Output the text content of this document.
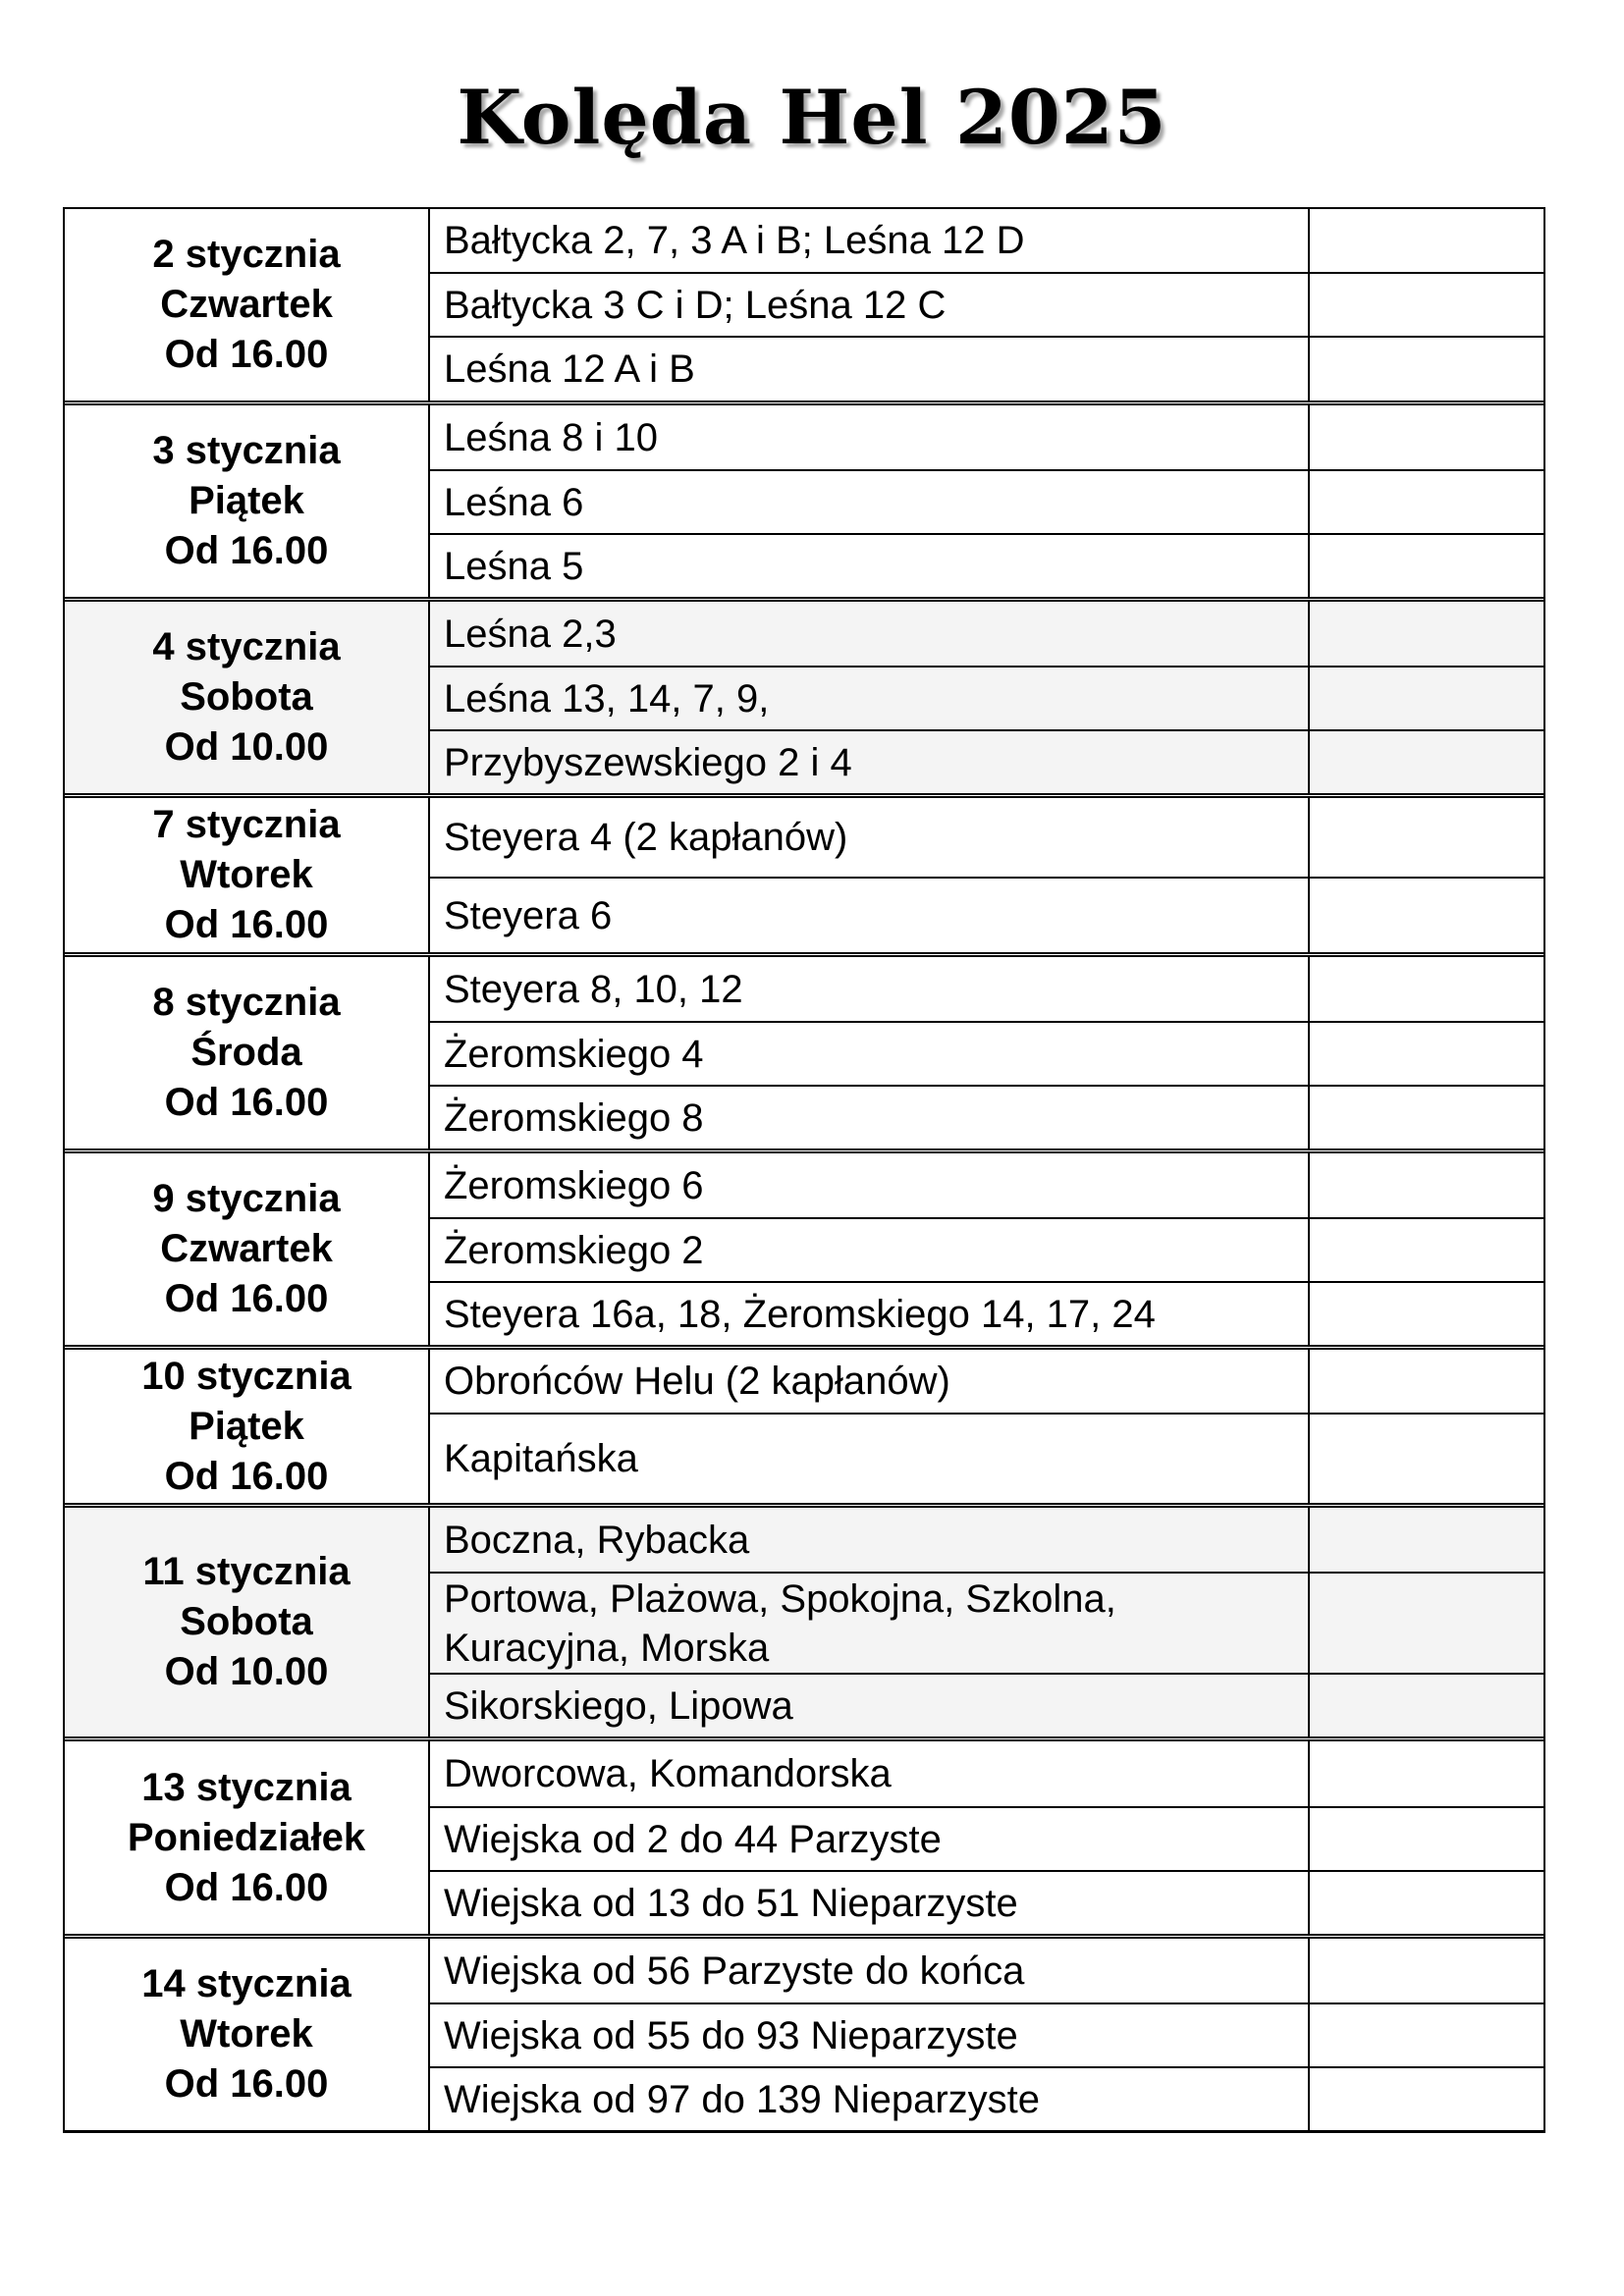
Kolęda Hel 2025
2 stycznia
Czwartek
Od 16.00
Bałtycka 2, 7, 3 A i B; Leśna 12 D
Bałtycka 3 C i D; Leśna 12 C
Leśna 12 A i B
3 stycznia
Piątek
Od 16.00
Leśna 8 i 10
Leśna 6
Leśna 5
4 stycznia
Sobota
Od 10.00
Leśna 2,3
Leśna 13, 14, 7, 9,
Przybyszewskiego 2 i 4
7 stycznia
Wtorek
Od 16.00
Steyera 4 (2 kapłanów)
Steyera 6
8 stycznia
Środa
Od 16.00
Steyera 8, 10, 12
Żeromskiego 4
Żeromskiego 8
9 stycznia
Czwartek
Od 16.00
Żeromskiego 6
Żeromskiego 2
Steyera 16a, 18, Żeromskiego 14, 17, 24
10 stycznia
Piątek
Od 16.00
Obrońców Helu (2 kapłanów)
Kapitańska
11 stycznia
Sobota
Od 10.00
Boczna, Rybacka
Portowa, Plażowa, Spokojna, Szkolna, Kuracyjna, Morska
Sikorskiego, Lipowa
13 stycznia
Poniedziałek
Od 16.00
Dworcowa, Komandorska
Wiejska od 2 do 44 Parzyste
Wiejska od 13 do 51 Nieparzyste
14 stycznia
Wtorek
Od 16.00
Wiejska od 56 Parzyste do końca
Wiejska od 55 do 93 Nieparzyste
Wiejska od 97 do 139 Nieparzyste
